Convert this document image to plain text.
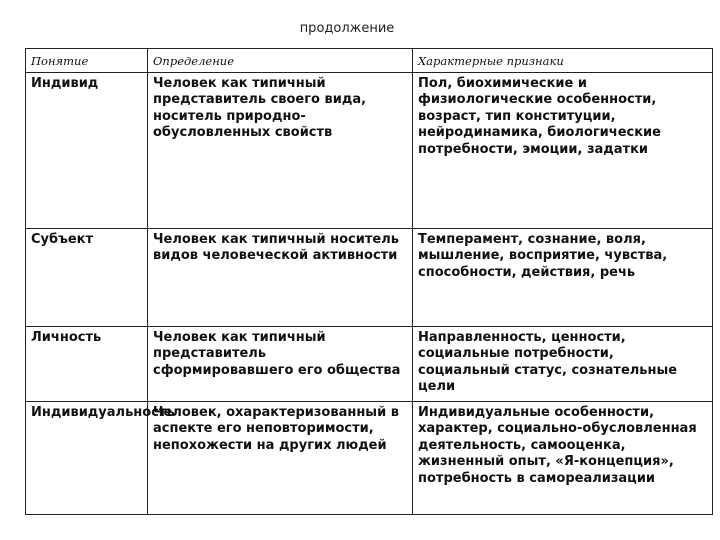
продолжение
Понятие	Определение	Характерные признаки
Индивид	Человек как типичный представитель своего вида, носитель природно-обусловленных свойств	Пол, биохимические и физиологические особенности, возраст, тип конституции, нейродинамика, биологические потребности, эмоции, задатки
Субъект	Человек как типичный носитель видов человеческой активности	Темперамент, сознание, воля, мышление, восприятие, чувства, способности, действия, речь
Личность	Человек как типичный представитель сформировавшего его общества	Направленность, ценности, социальные потребности, социальный статус, сознательные цели
Индивидуальность	Человек, охарактеризованный в аспекте его неповторимости, непохожести на других людей	Индивидуальные особенности, характер, социально-обусловленная деятельность, самооценка, жизненный опыт, «Я-концепция», потребность в самореализации
